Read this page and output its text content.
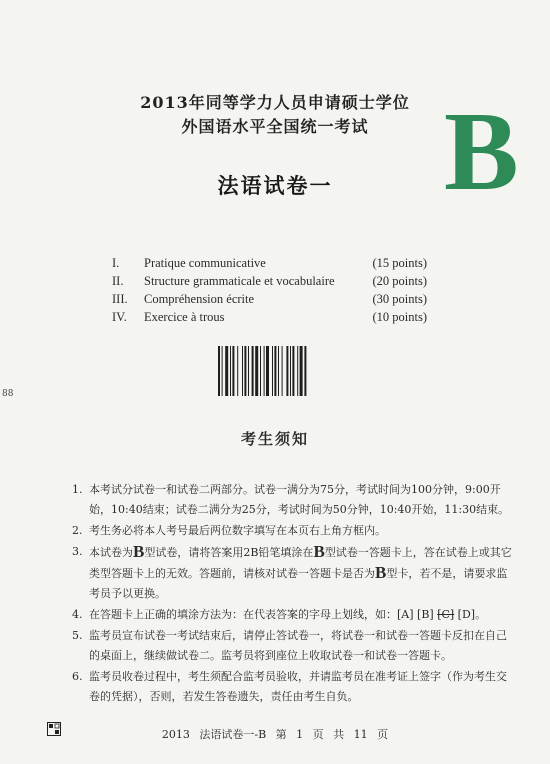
2013年同等学力人员申请硕士学位
外国语水平全国统一考试 B
法语试卷一
I. Pratique communicative	(15 points)
II. Structure grammaticale et vocabulaire	(20 points)
III. Compréhension écrite	(30 points)
IV. Exercice à trous	(10 points)
88
考生须知
1. 本考试分试卷一和试卷二两部分。试卷一满分为75分，考试时间为100分钟，9:00开始，10:40结束；试卷二满分为25分，考试时间为50分钟，10:40开始，11:30结束。
2. 考生务必将本人考号最后两位数字填写在本页右上角方框内。
3. 本试卷为B型试卷，请将答案用2B铅笔填涂在B型试卷一答题卡上，答在试卷上或其它类型答题卡上的无效。答题前，请核对试卷一答题卡是否为B型卡，若不是，请要求监考员予以更换。
4. 在答题卡上正确的填涂方法为：在代表答案的字母上划线，如：[A] [B] [C] [D]。
5. 监考员宣布试卷一考试结束后，请停止答试卷一，将试卷一和试卷一答题卡反扣在自己的桌面上，继续做试卷二。监考员将到座位上收取试卷一和试卷一答题卡。
6. 监考员收卷过程中，考生须配合监考员验收，并请监考员在准考证上签字（作为考生交卷的凭据），否则，若发生答卷遗失，责任由考生自负。
2013 法语试卷一-B 第 1 页 共 11 页
